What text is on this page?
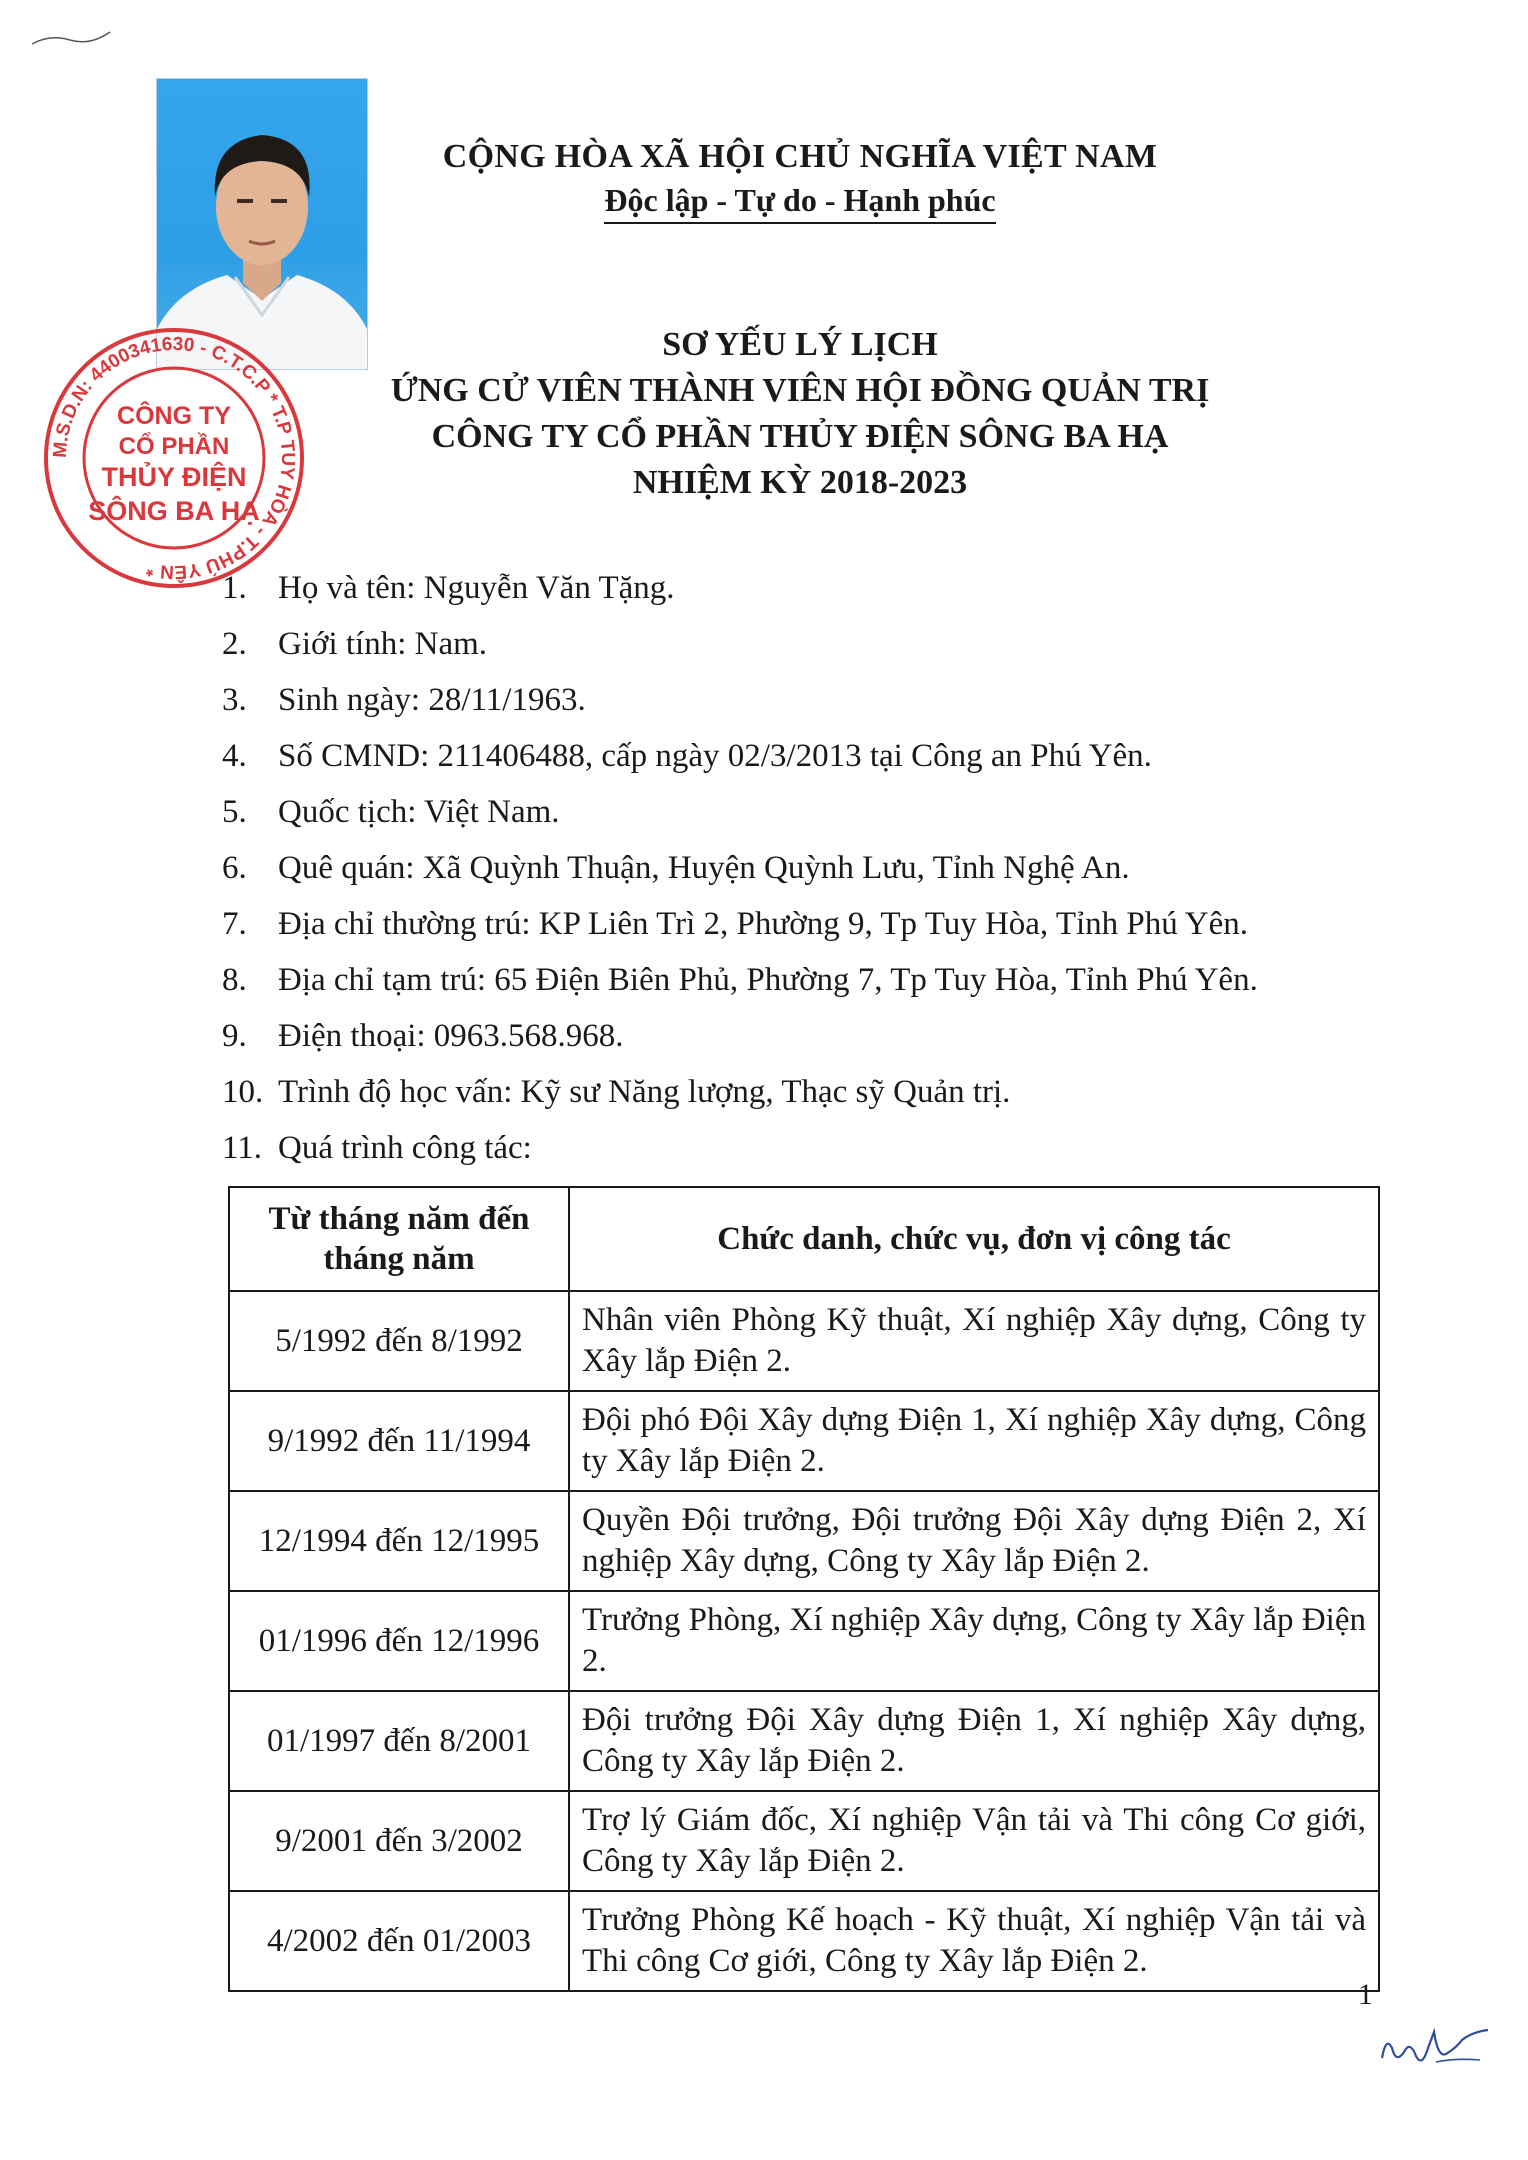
M.S.D.N: 4400341630 - C.T.C.P * T.P TUY HÒA - T.PHÚ YÊN *
CÔNG TY
CỔ PHẦN
THỦY ĐIỆN
SÔNG BA HẠ
CỘNG HÒA XÃ HỘI CHỦ NGHĨA VIỆT NAM
Độc lập - Tự do - Hạnh phúc
SƠ YẾU LÝ LỊCH
ỨNG CỬ VIÊN THÀNH VIÊN HỘI ĐỒNG QUẢN TRỊ
CÔNG TY CỔ PHẦN THỦY ĐIỆN SÔNG BA HẠ
NHIỆM KỲ 2018-2023
1. Họ và tên: Nguyễn Văn Tặng.
2. Giới tính: Nam.
3. Sinh ngày: 28/11/1963.
4. Số CMND: 211406488, cấp ngày 02/3/2013 tại Công an Phú Yên.
5. Quốc tịch: Việt Nam.
6. Quê quán: Xã Quỳnh Thuận, Huyện Quỳnh Lưu, Tỉnh Nghệ An.
7. Địa chỉ thường trú: KP Liên Trì 2, Phường 9, Tp Tuy Hòa, Tỉnh Phú Yên.
8. Địa chỉ tạm trú: 65 Điện Biên Phủ, Phường 7, Tp Tuy Hòa, Tỉnh Phú Yên.
9. Điện thoại: 0963.568.968.
10. Trình độ học vấn: Kỹ sư Năng lượng, Thạc sỹ Quản trị.
11. Quá trình công tác:
Từ tháng năm đến tháng năm	Chức danh, chức vụ, đơn vị công tác
5/1992 đến 8/1992	Nhân viên Phòng Kỹ thuật, Xí nghiệp Xây dựng, Công ty Xây lắp Điện 2.
9/1992 đến 11/1994	Đội phó Đội Xây dựng Điện 1, Xí nghiệp Xây dựng, Công ty Xây lắp Điện 2.
12/1994 đến 12/1995	Quyền Đội trưởng, Đội trưởng Đội Xây dựng Điện 2, Xí nghiệp Xây dựng, Công ty Xây lắp Điện 2.
01/1996 đến 12/1996	Trưởng Phòng, Xí nghiệp Xây dựng, Công ty Xây lắp Điện 2.
01/1997 đến 8/2001	Đội trưởng Đội Xây dựng Điện 1, Xí nghiệp Xây dựng, Công ty Xây lắp Điện 2.
9/2001 đến 3/2002	Trợ lý Giám đốc, Xí nghiệp Vận tải và Thi công Cơ giới, Công ty Xây lắp Điện 2.
4/2002 đến 01/2003	Trưởng Phòng Kế hoạch - Kỹ thuật, Xí nghiệp Vận tải và Thi công Cơ giới, Công ty Xây lắp Điện 2.
1
